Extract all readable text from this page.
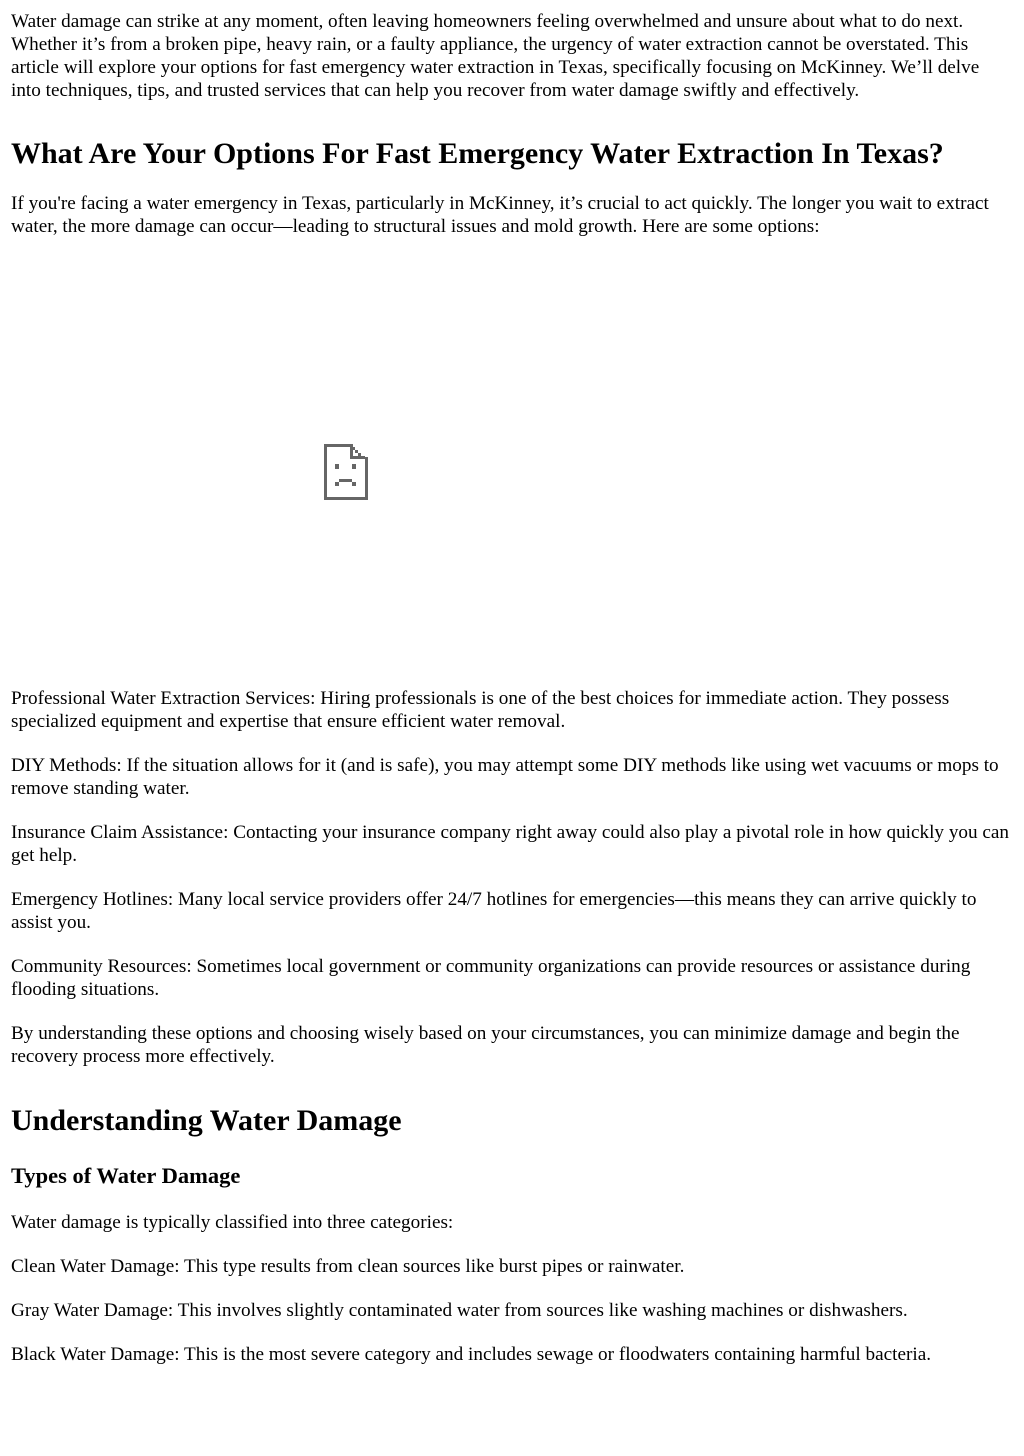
Water damage can strike at any moment, often leaving homeowners feeling overwhelmed and unsure about what to do next. Whether it’s from a broken pipe, heavy rain, or a faulty appliance, the urgency of water extraction cannot be overstated. This article will explore your options for fast emergency water extraction in Texas, specifically focusing on McKinney. We’ll delve into techniques, tips, and trusted services that can help you recover from water damage swiftly and effectively.

What Are Your Options For Fast Emergency Water Extraction In Texas?

If you're facing a water emergency in Texas, particularly in McKinney, it’s crucial to act quickly. The longer you wait to extract water, the more damage can occur—leading to structural issues and mold growth. Here are some options:

Professional Water Extraction Services: Hiring professionals is one of the best choices for immediate action. They possess specialized equipment and expertise that ensure efficient water removal.

DIY Methods: If the situation allows for it (and is safe), you may attempt some DIY methods like using wet vacuums or mops to remove standing water.

Insurance Claim Assistance: Contacting your insurance company right away could also play a pivotal role in how quickly you can get help.

Emergency Hotlines: Many local service providers offer 24/7 hotlines for emergencies—this means they can arrive quickly to assist you.

Community Resources: Sometimes local government or community organizations can provide resources or assistance during flooding situations.

By understanding these options and choosing wisely based on your circumstances, you can minimize damage and begin the recovery process more effectively.

Understanding Water Damage
Types of Water Damage

Water damage is typically classified into three categories:

Clean Water Damage: This type results from clean sources like burst pipes or rainwater.

Gray Water Damage: This involves slightly contaminated water from sources like washing machines or dishwashers.

Black Water Damage: This is the most severe category and includes sewage or floodwaters containing harmful bacteria.
